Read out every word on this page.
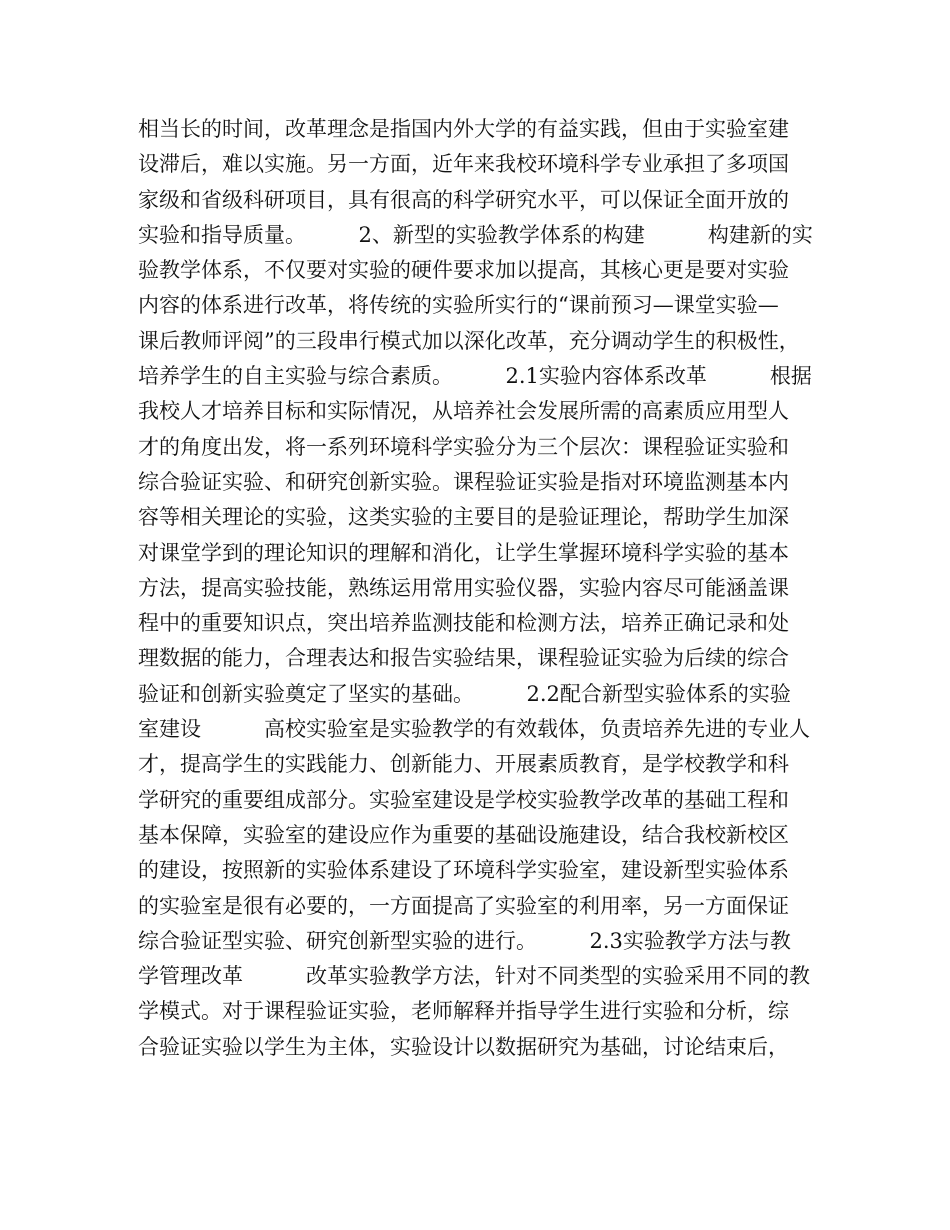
相当长的时间，改革理念是指国内外大学的有益实践，但由于实验室建
设滞后，难以实施。另一方面，近年来我校环境科学专业承担了多项国
家级和省级科研项目，具有很高的科学研究水平，可以保证全面开放的
实验和指导质量。　　　2、新型的实验教学体系的构建　　　构建新的实
验教学体系，不仅要对实验的硬件要求加以提高，其核心更是要对实验
内容的体系进行改革，将传统的实验所实行的“课前预习—课堂实验—
课后教师评阅”的三段串行模式加以深化改革，充分调动学生的积极性，
培养学生的自主实验与综合素质。　　　2.1实验内容体系改革　　　根据
我校人才培养目标和实际情况，从培养社会发展所需的高素质应用型人
才的角度出发，将一系列环境科学实验分为三个层次：课程验证实验和
综合验证实验、和研究创新实验。课程验证实验是指对环境监测基本内
容等相关理论的实验，这类实验的主要目的是验证理论，帮助学生加深
对课堂学到的理论知识的理解和消化，让学生掌握环境科学实验的基本
方法，提高实验技能，熟练运用常用实验仪器，实验内容尽可能涵盖课
程中的重要知识点，突出培养监测技能和检测方法，培养正确记录和处
理数据的能力，合理表达和报告实验结果，课程验证实验为后续的综合
验证和创新实验奠定了坚实的基础。　　　2.2配合新型实验体系的实验
室建设　　　高校实验室是实验教学的有效载体，负责培养先进的专业人
才，提高学生的实践能力、创新能力、开展素质教育，是学校教学和科
学研究的重要组成部分。实验室建设是学校实验教学改革的基础工程和
基本保障，实验室的建设应作为重要的基础设施建设，结合我校新校区
的建设，按照新的实验体系建设了环境科学实验室，建设新型实验体系
的实验室是很有必要的，一方面提高了实验室的利用率，另一方面保证
综合验证型实验、研究创新型实验的进行。　　　2.3实验教学方法与教
学管理改革　　　改革实验教学方法，针对不同类型的实验采用不同的教
学模式。对于课程验证实验，老师解释并指导学生进行实验和分析，综
合验证实验以学生为主体，实验设计以数据研究为基础，讨论结束后，
